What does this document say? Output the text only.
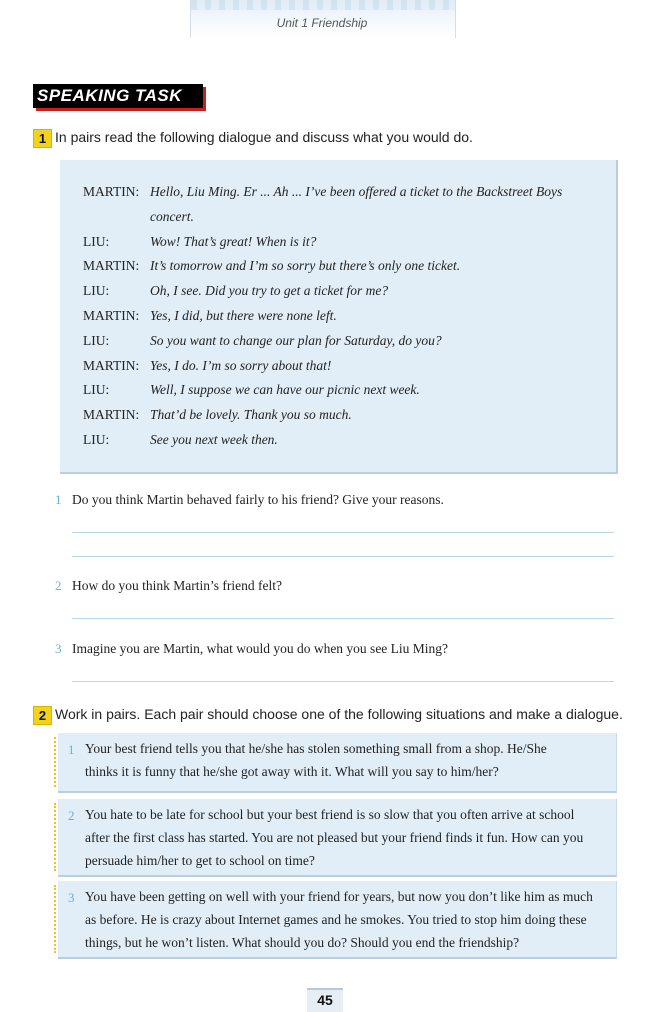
Unit 1 Friendship
SPEAKING TASK
1 In pairs read the following dialogue and discuss what you would do.
MARTIN: Hello, Liu Ming. Er ... Ah ... I’ve been offered a ticket to the Backstreet Boys
concert.
LIU:	Wow! That’s great! When is it?
MARTIN: It’s tomorrow and I’m so sorry but there’s only one ticket.
LIU:	Oh, I see. Did you try to get a ticket for me?
MARTIN: Yes, I did, but there were none left.
LIU:	So you want to change our plan for Saturday, do you?
MARTIN: Yes, I do. I’m so sorry about that!
LIU:	Well, I suppose we can have our picnic next week.
MARTIN: That’d be lovely. Thank you so much.
LIU:	See you next week then.
1 Do you think Martin behaved fairly to his friend? Give your reasons.
2 How do you think Martin’s friend felt?
3 Imagine you are Martin, what would you do when you see Liu Ming?
2 Work in pairs. Each pair should choose one of the following situations and make a dialogue.
1 Your best friend tells you that he/she has stolen something small from a shop. He/She
thinks it is funny that he/she got away with it. What will you say to him/her?
2 You hate to be late for school but your best friend is so slow that you often arrive at school
after the first class has started. You are not pleased but your friend finds it fun. How can you
persuade him/her to get to school on time?
3 You have been getting on well with your friend for years, but now you don’t like him as much
as before. He is crazy about Internet games and he smokes. You tried to stop him doing these
things, but he won’t listen. What should you do? Should you end the friendship?
45
